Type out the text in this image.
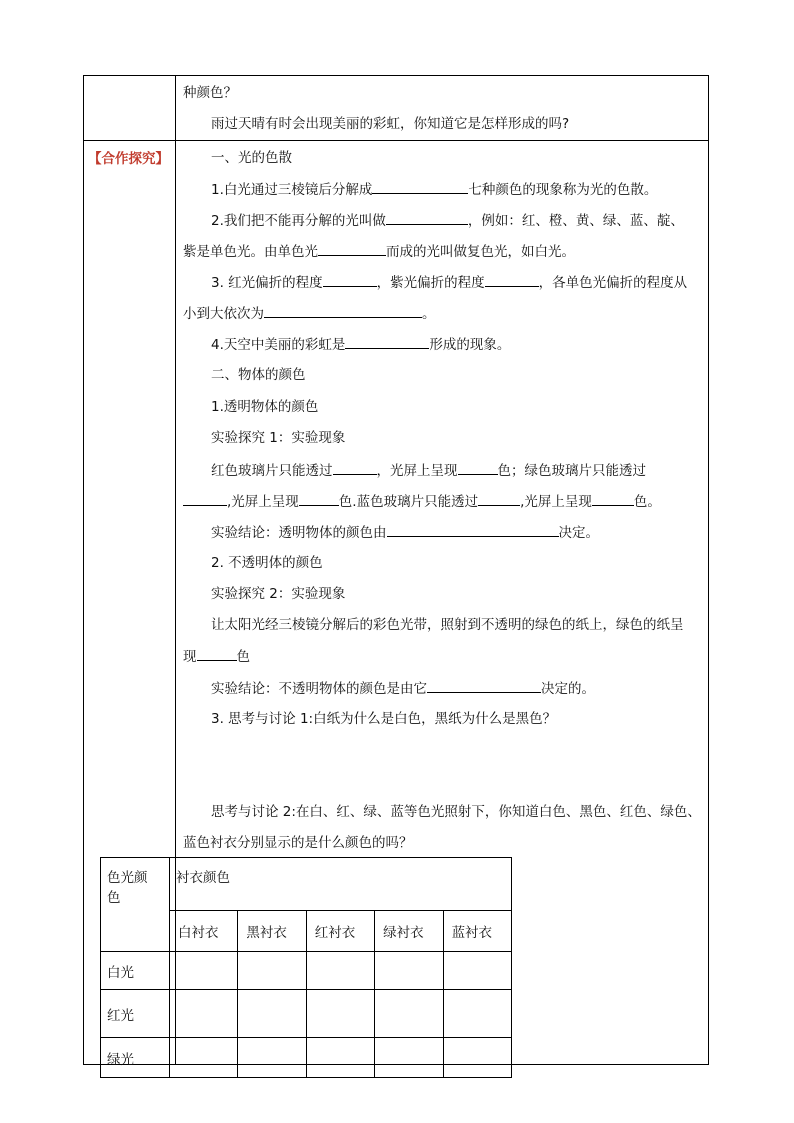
【合作探究】
种颜色？
雨过天晴有时会出现美丽的彩虹，你知道它是怎样形成的吗?
一、光的色散
1.白光通过三棱镜后分解成	七种颜色的现象称为光的色散。
2.我们把不能再分解的光叫做	，例如：红、橙、黄、绿、蓝、靛、
紫是单色光。由单色光	而成的光叫做复色光，如白光。
3. 红光偏折的程度	，紫光偏折的程度	，各单色光偏折的程度从
小到大依次为	。
4.天空中美丽的彩虹是	形成的现象。
二、物体的颜色
1.透明物体的颜色
实验探究 1：实验现象
红色玻璃片只能透过	，光屏上呈现	色；绿色玻璃片只能透过
,光屏上呈现	色.蓝色玻璃片只能透过	,光屏上呈现	色。
实验结论：透明物体的颜色由	决定。
2. 不透明体的颜色
实验探究 2：实验现象
让太阳光经三棱镜分解后的彩色光带，照射到不透明的绿色的纸上，绿色的纸呈
现	色
实验结论：不透明物体的颜色是由它	决定的。
3. 思考与讨论 1:白纸为什么是白色，黑纸为什么是黑色？
思考与讨论 2:在白、红、绿、蓝等色光照射下，你知道白色、黑色、红色、绿色、
蓝色衬衣分别显示的是什么颜色的吗？
色光颜色	衬衣颜色				
	白衬衣	黑衬衣	红衬衣	绿衬衣	蓝衬衣
白光					
红光					
绿光					
